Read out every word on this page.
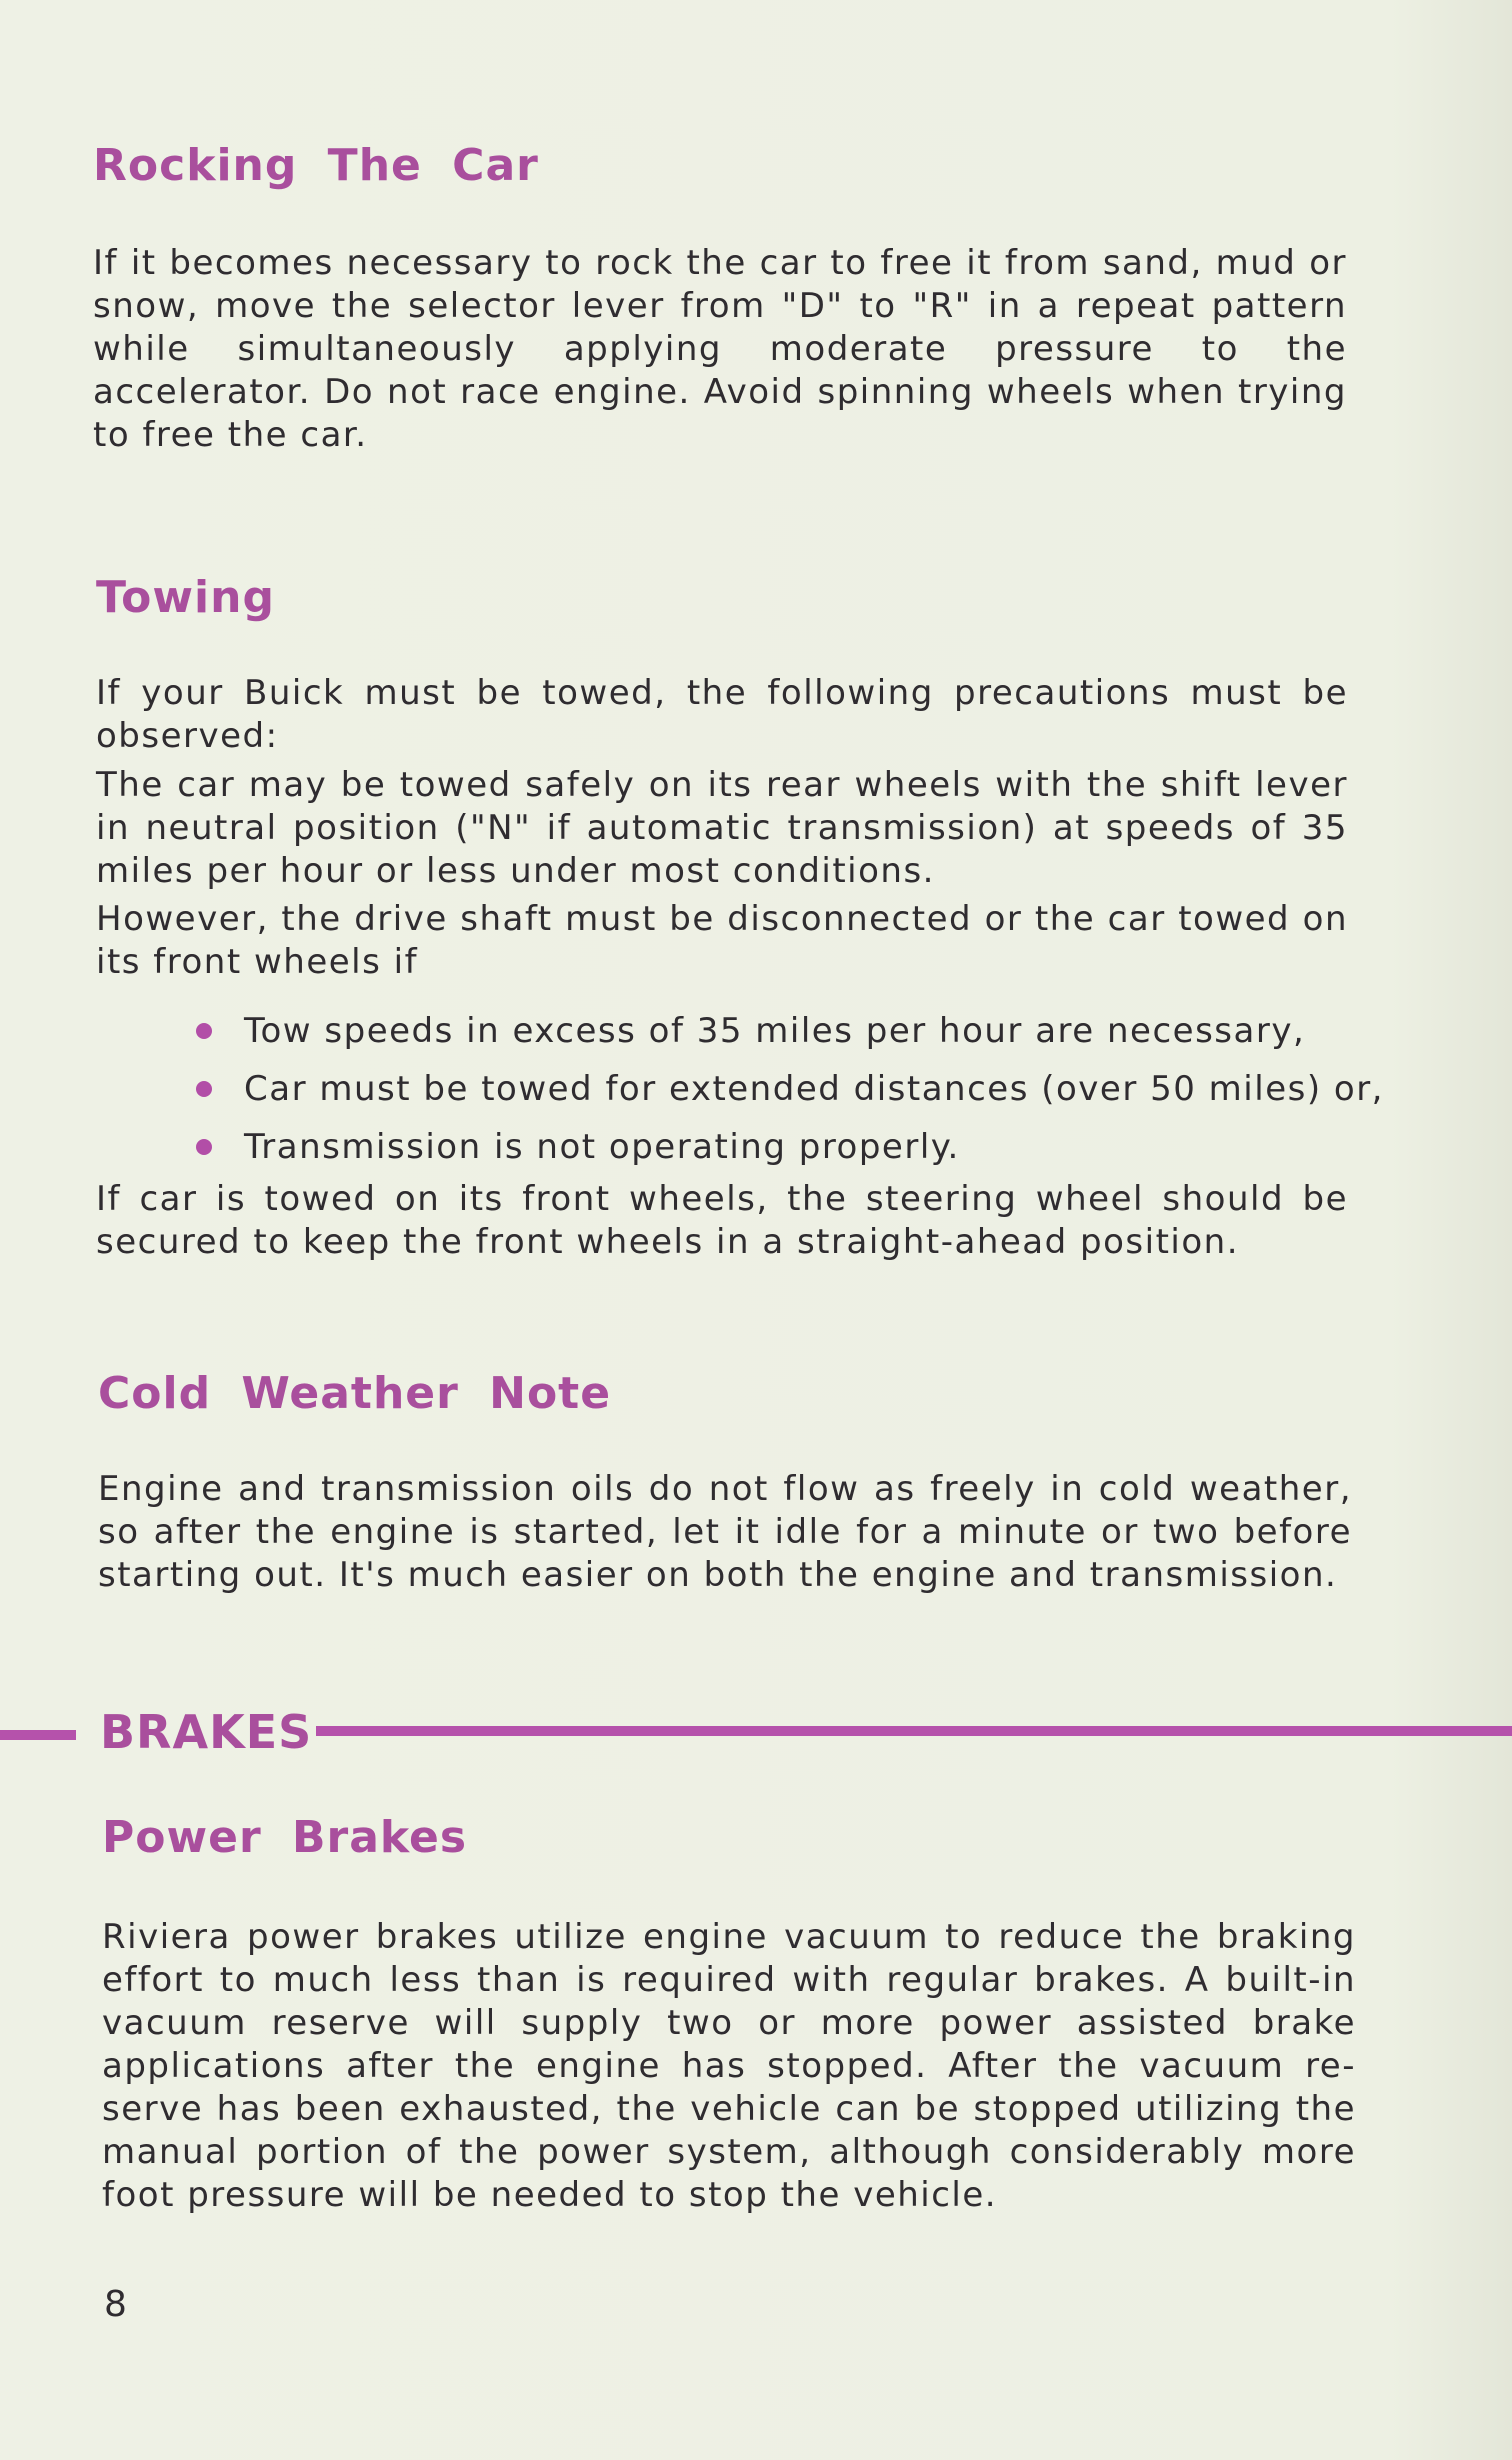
Rocking The Car

If it becomes necessary to rock the car to free it from sand, mud or snow, move the selector lever from "D" to "R" in a repeat pattern while simultaneously applying moderate pressure to the accelerator. Do not race engine. Avoid spinning wheels when trying to free the car.

Towing

If your Buick must be towed, the following precautions must be observed:

The car may be towed safely on its rear wheels with the shift lever in neutral position ("N" if automatic transmission) at speeds of 35 miles per hour or less under most conditions.

However, the drive shaft must be disconnected or the car towed on its front wheels if

Tow speeds in excess of 35 miles per hour are necessary,
Car must be towed for extended distances (over 50 miles) or,
Transmission is not operating properly.

If car is towed on its front wheels, the steering wheel should be secured to keep the front wheels in a straight-ahead position.

Cold Weather Note

Engine and transmission oils do not flow as freely in cold weather, so after the engine is started, let it idle for a minute or two before starting out. It's much easier on both the engine and transmission.

BRAKES
Power Brakes

Riviera power brakes utilize engine vacuum to reduce the braking effort to much less than is required with regular brakes. A built-in vacuum reserve will supply two or more power assisted brake applications after the engine has stopped. After the vacuum re-serve has been exhausted, the vehicle can be stopped utilizing the manual portion of the power system, although considerably more foot pressure will be needed to stop the vehicle.

8
